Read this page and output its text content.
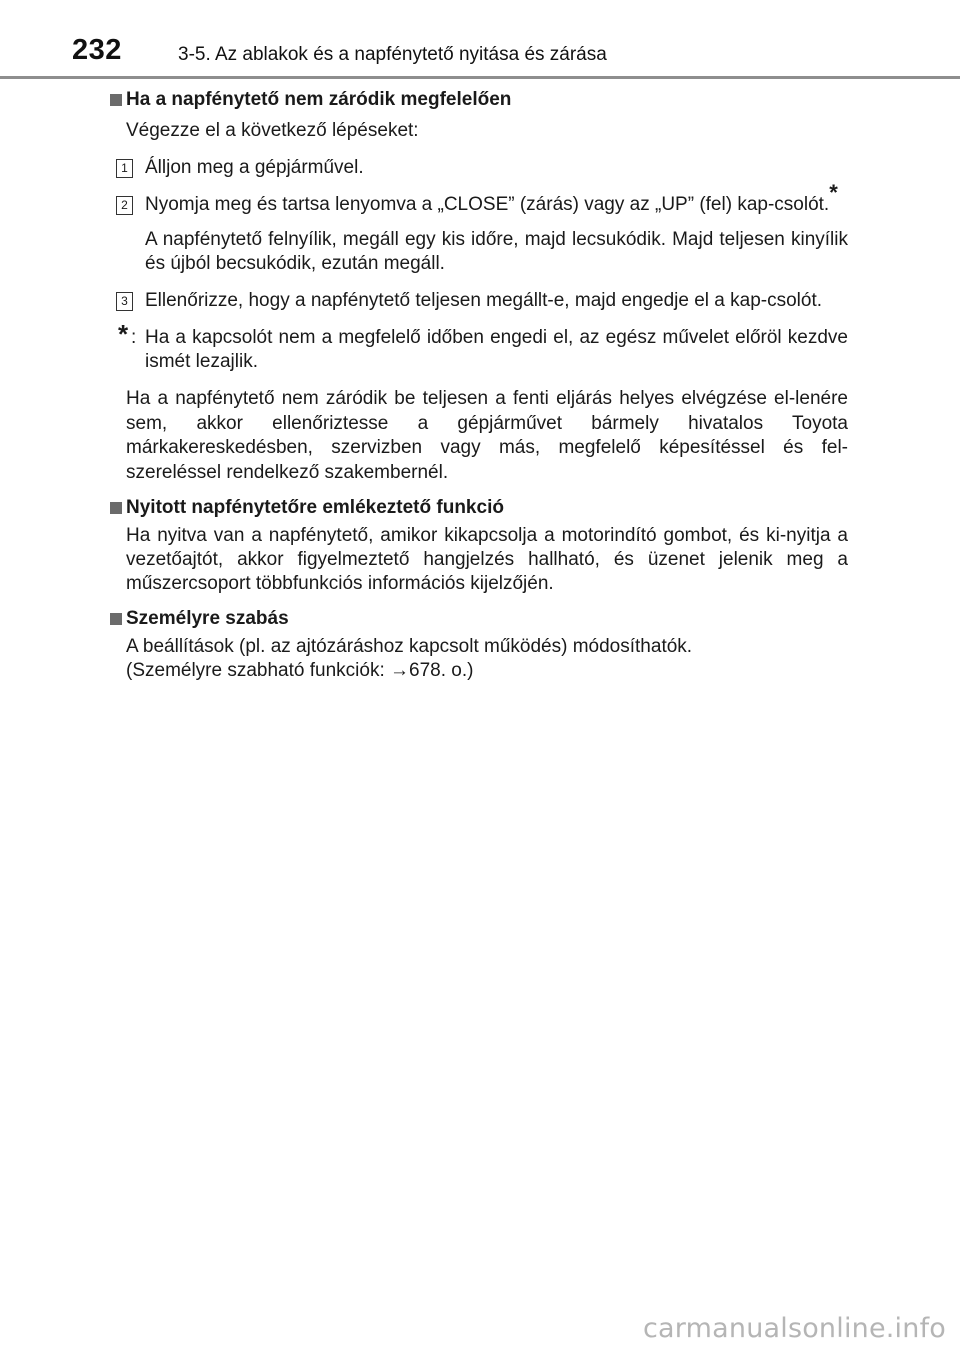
232	3-5. Az ablakok és a napfénytető nyitása és zárása
Ha a napfénytető nem záródik megfelelően

Végezze el a következő lépéseket:

1 Álljon meg a gépjárművel.
2 Nyomja meg és tartsa lenyomva a „CLOSE” (zárás) vagy az „UP” (fel) kap-csolót.*

A napfénytető felnyílik, megáll egy kis időre, majd lecsukódik. Majd teljesen kinyílik és újból becsukódik, ezután megáll.

3 Ellenőrizze, hogy a napfénytető teljesen megállt-e, majd engedje el a kap-csolót.
* : Ha a kapcsolót nem a megfelelő időben engedi el, az egész művelet előröl kezdve ismét lezajlik.

Ha a napfénytető nem záródik be teljesen a fenti eljárás helyes elvégzése el-lenére sem, akkor ellenőriztesse a gépjárművet bármely hivatalos Toyota márkakereskedésben, szervizben vagy más, megfelelő képesítéssel és fel-szereléssel rendelkező szakembernél.

Nyitott napfénytetőre emlékeztető funkció

Ha nyitva van a napfénytető, amikor kikapcsolja a motorindító gombot, és ki-nyitja a vezetőajtót, akkor figyelmeztető hangjelzés hallható, és üzenet jelenik meg a műszercsoport többfunkciós információs kijelzőjén.

Személyre szabás

A beállítások (pl. az ajtózáráshoz kapcsolt működés) módosíthatók.

(Személyre szabható funkciók: →678. o.)

carmanualsonline.info
